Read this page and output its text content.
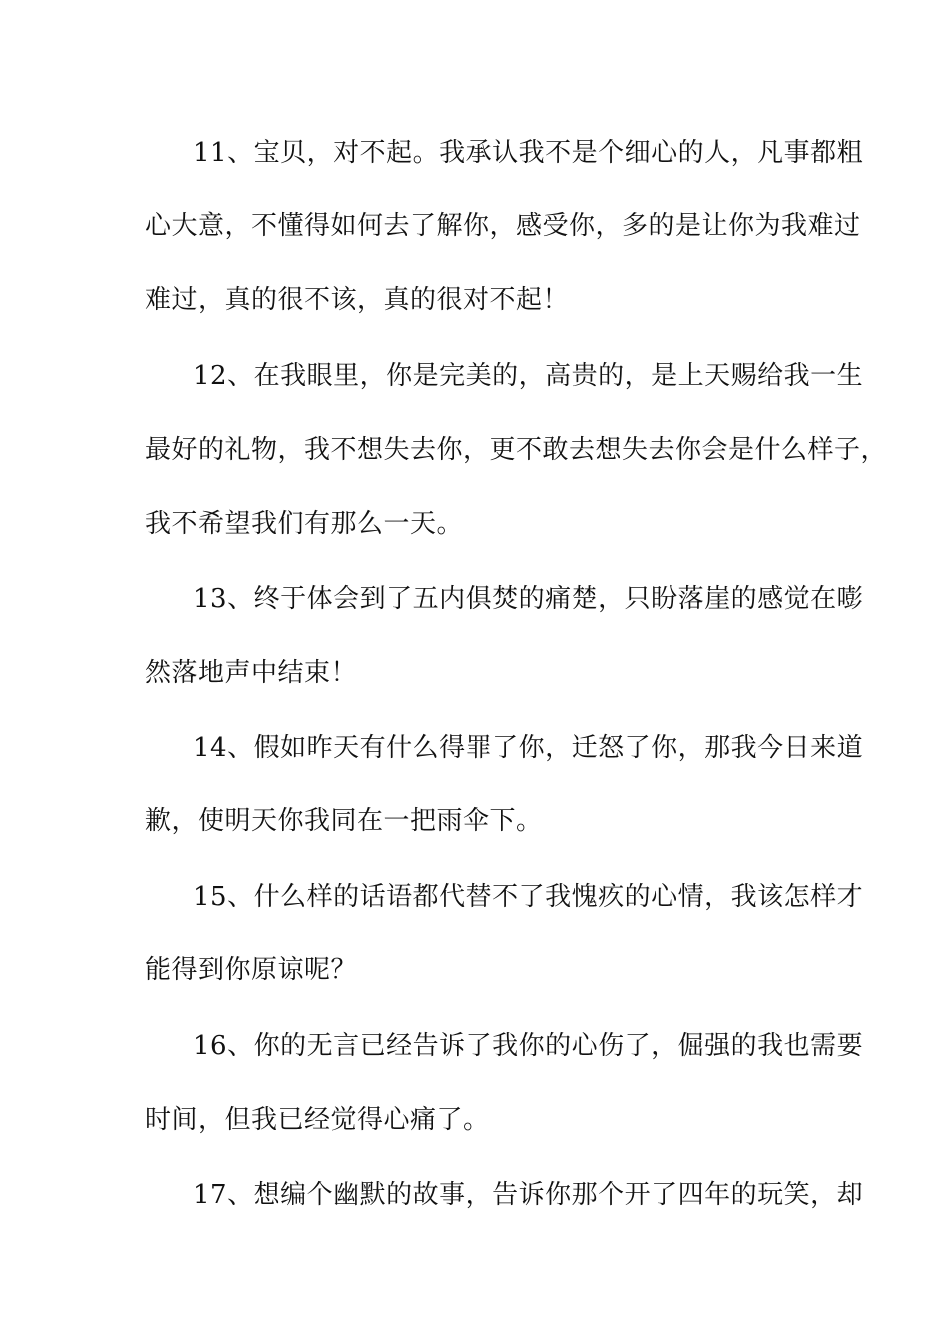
11、宝贝，对不起。我承认我不是个细心的人，凡事都粗
心大意，不懂得如何去了解你，感受你，多的是让你为我难过
难过，真的很不该，真的很对不起！
12、在我眼里，你是完美的，高贵的，是上天赐给我一生
最好的礼物，我不想失去你，更不敢去想失去你会是什么样子，
我不希望我们有那么一天。
13、终于体会到了五内俱焚的痛楚，只盼落崖的感觉在嘭
然落地声中结束！
14、假如昨天有什么得罪了你，迁怒了你，那我今日来道
歉，使明天你我同在一把雨伞下。
15、什么样的话语都代替不了我愧疚的心情，我该怎样才
能得到你原谅呢？
16、你的无言已经告诉了我你的心伤了，倔强的我也需要
时间，但我已经觉得心痛了。
17、想编个幽默的故事，告诉你那个开了四年的玩笑，却
